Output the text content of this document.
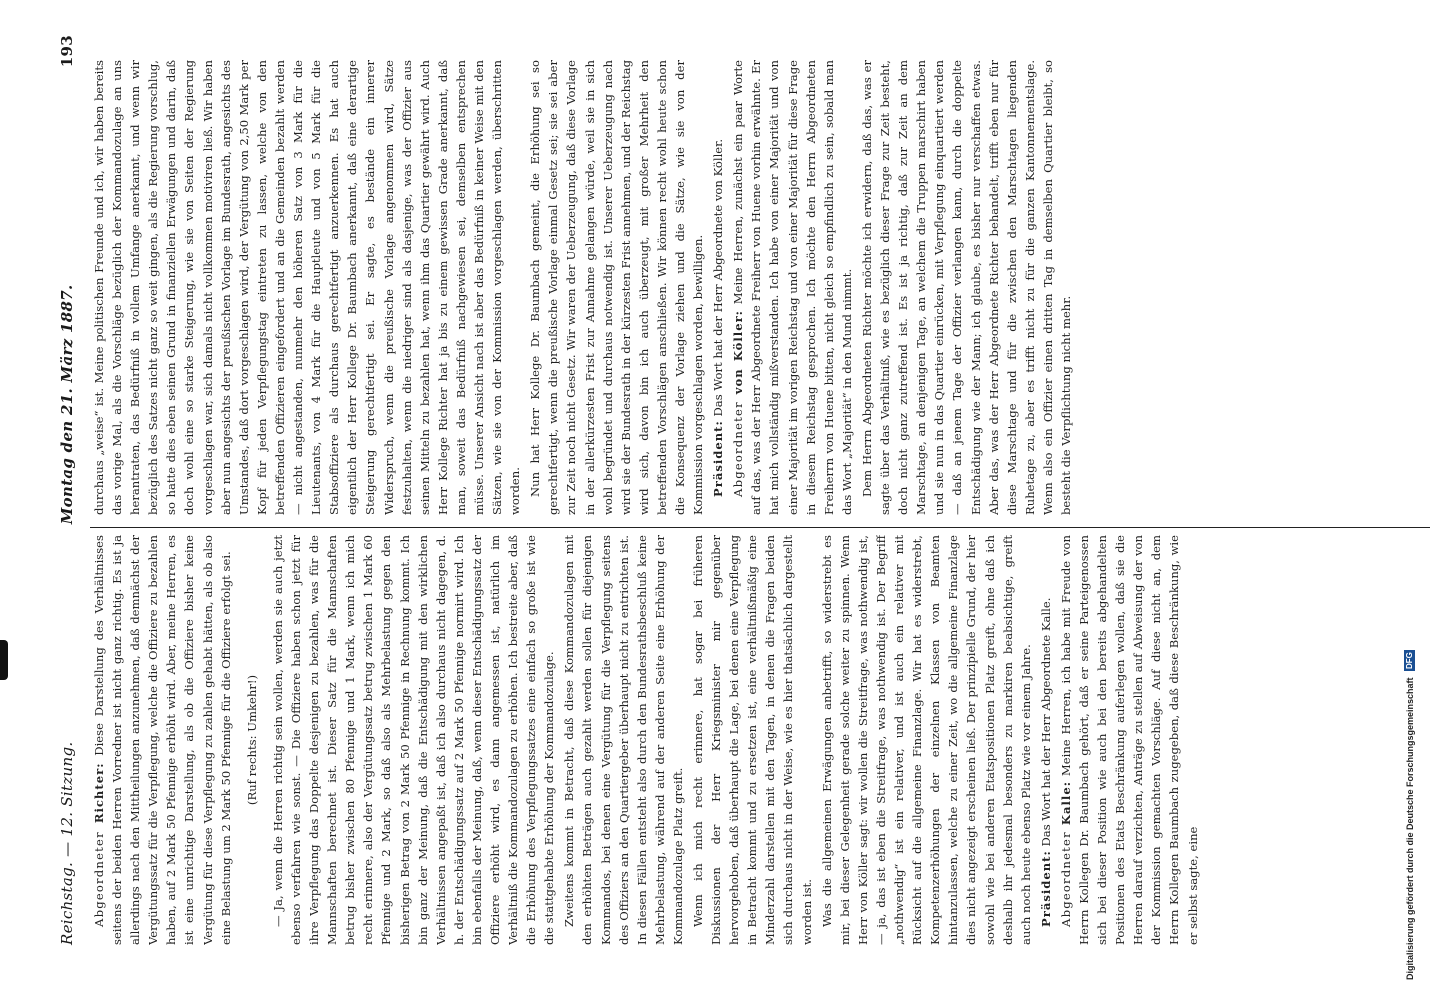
Reichstag. — 12. Sitzung.
Montag den 21. März 1887.
193

Abgeordneter Richter: Diese Darstellung des Verhältnisses seitens der beiden Herren Vorredner ist nicht ganz richtig. Es ist ja allerdings nach den Mittheilungen anzunehmen, daß demnächst der Vergütungssatz für die Verpflegung, welche die Offiziere zu bezahlen haben, auf 2 Mark 50 Pfennige erhöht wird. Aber, meine Herren, es ist eine unrichtige Darstellung, als ob die Offiziere bisher keine Vergütung für diese Verpflegung zu zahlen gehabt hätten, als ob also eine Belastung um 2 Mark 50 Pfennige für die Offiziere erfolgt sei. (Ruf rechts: Umkehr!) — Ja, wenn die Herren richtig sein wollen, werden sie auch jetzt ebenso verfahren wie sonst. — Die Offiziere haben schon jetzt für ihre Verpflegung das Doppelte desjenigen zu bezahlen, was für die Mannschaften berechnet ist. Dieser Satz für die Mannschaften betrug bisher zwischen 80 Pfennige und 1 Mark, wenn ich mich recht erinnere, also der Vergütungssatz betrug zwischen 1 Mark 60 Pfennige und 2 Mark, so daß also als Mehrbelastung gegen den bisherigen Betrag von 2 Mark 50 Pfennige in Rechnung kommt. Ich bin ganz der Meinung, daß die Entschädigung mit den wirklichen Verhältnissen angepaßt ist, daß ich also durchaus nicht dagegen, d. h. der Entschädigungssatz auf 2 Mark 50 Pfennige normirt wird. Ich bin ebenfalls der Meinung, daß, wenn dieser Entschädigungssatz der Offiziere erhöht wird, es dann angemessen ist, natürlich im Verhältniß die Kommandozulagen zu erhöhen. Ich bestreite aber, daß die Erhöhung des Verpflegungssatzes eine einfach so große ist wie die stattgehabte Erhöhung der Kommandozulage. Zweitens kommt in Betracht, daß diese Kommandozulagen mit den erhöhten Beträgen auch gezahlt werden sollen für diejenigen Kommandos, bei denen eine Vergütung für die Verpflegung seitens des Offiziers an den Quartiergeber überhaupt nicht zu entrichten ist. In diesen Fällen entsteht also durch den Bundesrathsbeschluß keine Mehrbelastung, während auf der anderen Seite eine Erhöhung der Kommandozulage Platz greift. Wenn ich mich recht erinnere, hat sogar bei früheren Diskussionen der Herr Kriegsminister mir gegenüber hervorgehoben, daß überhaupt die Lage, bei denen eine Verpflegung in Betracht kommt und zu ersetzen ist, eine verhältnißmäßig eine Minderzahl darstellen mit den Tagen, in denen die Fragen beiden sich durchaus nicht in der Weise, wie es hier thatsächlich dargestellt worden ist. Was die allgemeinen Erwägungen anbetrifft, so widerstrebt es mir, bei dieser Gelegenheit gerade solche weiter zu spinnen. Wenn Herr von Köller sagt: wir wollen die Streitfrage, was nothwendig ist, — ja, das ist eben die Streitfrage, was nothwendig ist. Der Begriff „nothwendig“ ist ein relativer, und ist auch ein relativer mit Rücksicht auf die allgemeine Finanzlage. Wir hat es widerstrebt, Kompetenzerhöhungen der einzelnen Klassen von Beamten hintanzulassen, welche zu einer Zeit, wo die allgemeine Finanzlage dies nicht angezeigt erscheinen ließ. Der prinzipielle Grund, der hier sowohl wie bei anderen Etatspositionen Platz greift, ohne daß ich deshalb ihr jedesmal besonders zu markiren beabsichtige, greift auch noch heute ebenso Platz wie vor einem Jahre. Präsident: Das Wort hat der Herr Abgeordnete Kalle.

Abgeordneter Kalle: Meine Herren, ich habe mit Freude von Herrn Kollegen Dr. Baumbach gehört, daß er seine Parteigenossen sich bei dieser Position wie auch bei den bereits abgehandelten Positionen des Etats Beschränkung auferlegen wollen, daß sie die Herren darauf verzichten, Anträge zu stellen auf Abweisung der von der Kommission gemachten Vorschläge. Auf diese nicht an, dem Herrn Kollegen Baumbach zugegeben, daß diese Beschränkung, wie er selbst sagte, eine

durchaus „weise“ ist. Meine politischen Freunde und ich, wir haben bereits das vorige Mal, als die Vorschläge bezüglich der Kommandozulage an uns herantraten, das Bedürfniß in vollem Umfange anerkannt, und wenn wir bezüglich des Satzes nicht ganz so weit gingen, als die Regierung vorschlug, so hatte dies eben seinen Grund in finanziellen Erwägungen und darin, daß doch wohl eine so starke Steigerung, wie sie von Seiten der Regierung vorgeschlagen war, sich damals nicht vollkommen motiviren ließ. Wir haben aber nun angesichts der preußischen Vorlage im Bundesrath, angesichts des Umstandes, daß dort vorgeschlagen wird, der Vergütung von 2,50 Mark per Kopf für jeden Verpflegungstag eintreten zu lassen, welche von den betreffenden Offizieren eingefordert und an die Gemeinden bezahlt werden — nicht angestanden, nunmehr den höheren Satz von 3 Mark für die Lieutenants, von 4 Mark für die Hauptleute und von 5 Mark für die Stabsoffiziere als durchaus gerechtfertigt anzuerkennen. Es hat auch eigentlich der Herr Kollege Dr. Baumbach anerkannt, daß eine derartige Steigerung gerechtfertigt sei. Er sagte, es bestände ein innerer Widerspruch, wenn die preußische Vorlage angenommen wird, Sätze festzuhalten, wenn die niedriger sind als dasjenige, was der Offizier aus seinen Mitteln zu bezahlen hat, wenn ihm das Quartier gewährt wird. Auch Herr Kollege Richter hat ja bis zu einem gewissen Grade anerkannt, daß man, soweit das Bedürfniß nachgewiesen sei, demselben entsprechen müsse. Unserer Ansicht nach ist aber das Bedürfniß in keiner Weise mit den Sätzen, wie sie von der Kommission vorgeschlagen werden, überschritten worden. Nun hat Herr Kollege Dr. Baumbach gemeint, die Erhöhung sei so gerechtfertigt, wenn die preußische Vorlage einmal Gesetz sei; sie sei aber zur Zeit noch nicht Gesetz. Wir waren der Ueberzeugung, daß diese Vorlage in der allerkürzesten Frist zur Annahme gelangen würde, weil sie in sich wohl begründet und durchaus notwendig ist. Unserer Ueberzeugung nach wird sie der Bundesrath in der kürzesten Frist annehmen, und der Reichstag wird sich, davon bin ich auch überzeugt, mit großer Mehrheit den betreffenden Vorschlägen anschließen. Wir können recht wohl heute schon die Konsequenz der Vorlage ziehen und die Sätze, wie sie von der Kommission vorgeschlagen worden, bewilligen. Präsident: Das Wort hat der Herr Abgeordnete von Köller.

Abgeordneter von Köller: Meine Herren, zunächst ein paar Worte auf das, was der Herr Abgeordnete Freiherr von Huene vorhin erwähnte. Er hat mich vollständig mißverstanden. Ich habe von einer Majorität und von einer Majorität im vorigen Reichstag und von einer Majorität für diese Frage in diesem Reichstag gesprochen. Ich möchte den Herrn Abgeordneten Freiherrn von Huene bitten, nicht gleich so empfindlich zu sein, sobald man das Wort „Majorität“ in den Mund nimmt. Dem Herrn Abgeordneten Richter möchte ich erwidern, daß das, was er sagte über das Verhältniß, wie es bezüglich dieser Frage zur Zeit besteht, doch nicht ganz zutreffend ist. Es ist ja richtig, daß zur Zeit an dem Marschtage, an denjenigen Tage, an welchem die Truppen marschirt haben und sie nun in das Quartier einrücken, mit Verpflegung einquartiert werden — daß an jenem Tage der Offizier verlangen kann, durch die doppelte Entschädigung wie der Mann; ich glaube, es bisher nur verschaffen etwas. Aber das, was der Herr Abgeordnete Richter behandelt, trifft eben nur für diese Marschtage und für die zwischen den Marschtagen liegenden Ruhetage zu, aber es trifft nicht zu für die ganzen Kantonnementslage. Wenn also ein Offizier einen dritten Tag in demselben Quartier bleibt, so besteht die Verpflichtung nicht mehr.

Digitalisierung gefördert durch die Deutsche Forschungsgemeinschaft DFG
